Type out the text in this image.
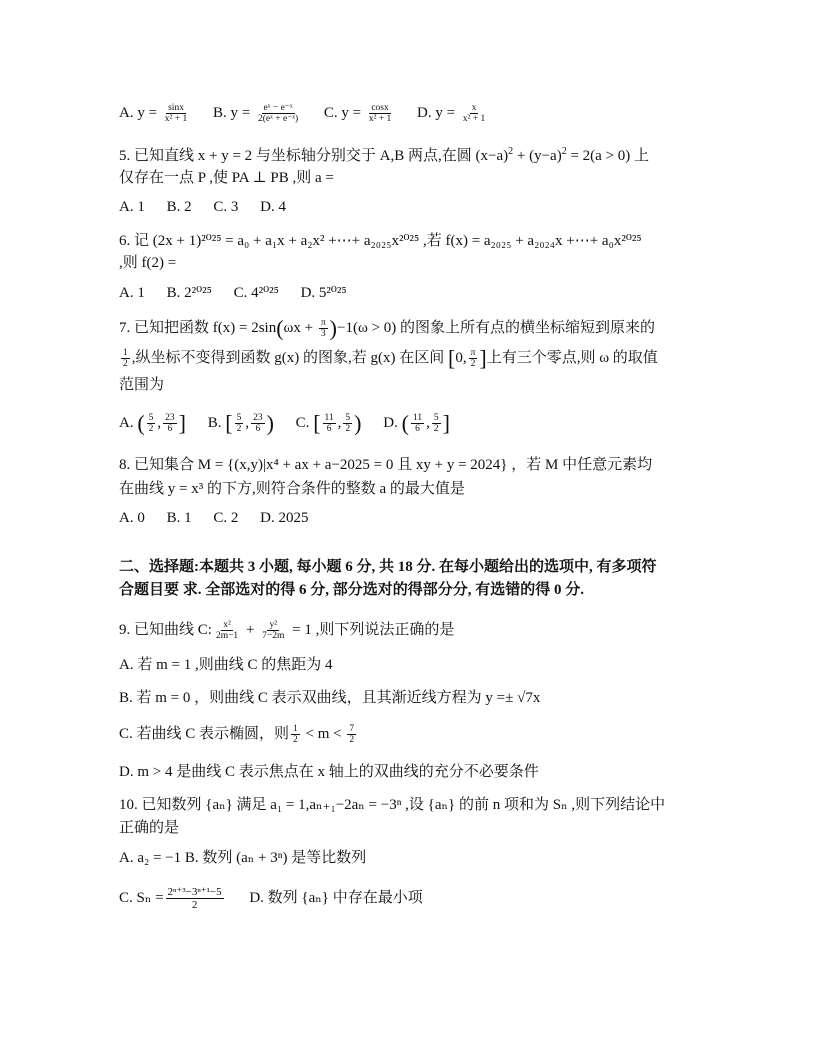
A. $y = \frac{\sin x}{\text{x² + 1}} B$. $y = \frac{\text{eˣ − e⁻ˣ}}{\text{2(eˣ + e⁻ˣ)}} C$. $y = \frac{\cos x}{\text{x² + 1}} D$. $y = \frac{x}{\text{x² + 1}}$
5. 已知直线 x + y = 2 与坐标轴分别交于 A,B 两点,在圆 $(x-a)^2 + (y-a)^2 = 2(a > 0)$ 上
仅存在一点 P ,使 PA ⊥ PB ,则 a =
A. 1 B. 2 C. 3 D. 4
6. 记 (2x + 1)²⁰²⁵ = a₀ + a₁x + a₂x² +⋯+ a₂₀₂₅x²⁰²⁵ ,若 f(x) = a₂₀₂₅ + a₂₀₂₄x +⋯+ a₀x²⁰²⁵
,则 f(2) =
A. 1 B. 2²⁰²⁵ C. 4²⁰²⁵ D. 5²⁰²⁵
7. 已知把函数 $f(x) = 2\sin(\omega x + \frac{\pi}{3} )-1(\omega > 0)$ 的图象上所有点的横坐标缩短到原来的
$\frac{1}{2}$ ,纵坐标不变得到函数 g(x) 的图象,若 g(x) 在区间 [0, $\frac{\pi}{2}$ ]上有三个零点,则 ω 的取值
范围为
A. ( $\frac{5}{2}$ , $\frac{23}{6}$ ] B. [ $\frac{5}{2}$ , $\frac{23}{6}$ ) C. [ $\frac{11}{6}$ , $\frac{5}{2}$ ) D. ( $\frac{11}{6}$ , $\frac{5}{2}$ ]
8. 已知集合 M = {(x,y)|x⁴ + ax + a−2025 = 0 且 xy + y = 2024} ，若 M 中任意元素均
在曲线 y = x³ 的下方,则符合条件的整数 a 的最大值是
A. 0 B. 1 C. 2 D. 2025
二、选择题:本题共 3 小题, 每小题 6 分, 共 18 分. 在每小题给出的选项中, 有多项符
合题目要 求. 全部选对的得 6 分, 部分选对的得部分分, 有选错的得 0 分.
9. 已知曲线 C: $\frac{\text{x²}}{2m-1} + \frac{\text{y²}}{7-2m} = 1$ ,则下列说法正确的是
A. 若 m = 1 ,则曲线 C 的焦距为 4
B. 若 m = 0 ，则曲线 C 表示双曲线，且其渐近线方程为 y =± √7x
C. 若曲线 C 表示椭圆，则 $\frac{1}{2} < m < \frac{7}{2}$
D. m > 4 是曲线 C 表示焦点在 x 轴上的双曲线的充分不必要条件
10. 已知数列 {aₙ} 满足 a₁ = 1,aₙ₊₁−2aₙ = −3ⁿ ,设 {aₙ} 的前 n 项和为 Sₙ ,则下列结论中
正确的是
A. a₂ = −1 B. 数列 (aₙ + 3ⁿ) 是等比数列
C. $S_n = \frac{\text{2ⁿ⁺³−3ⁿ⁺¹−5}}{2} D$. 数列 {aₙ} 中存在最小项
